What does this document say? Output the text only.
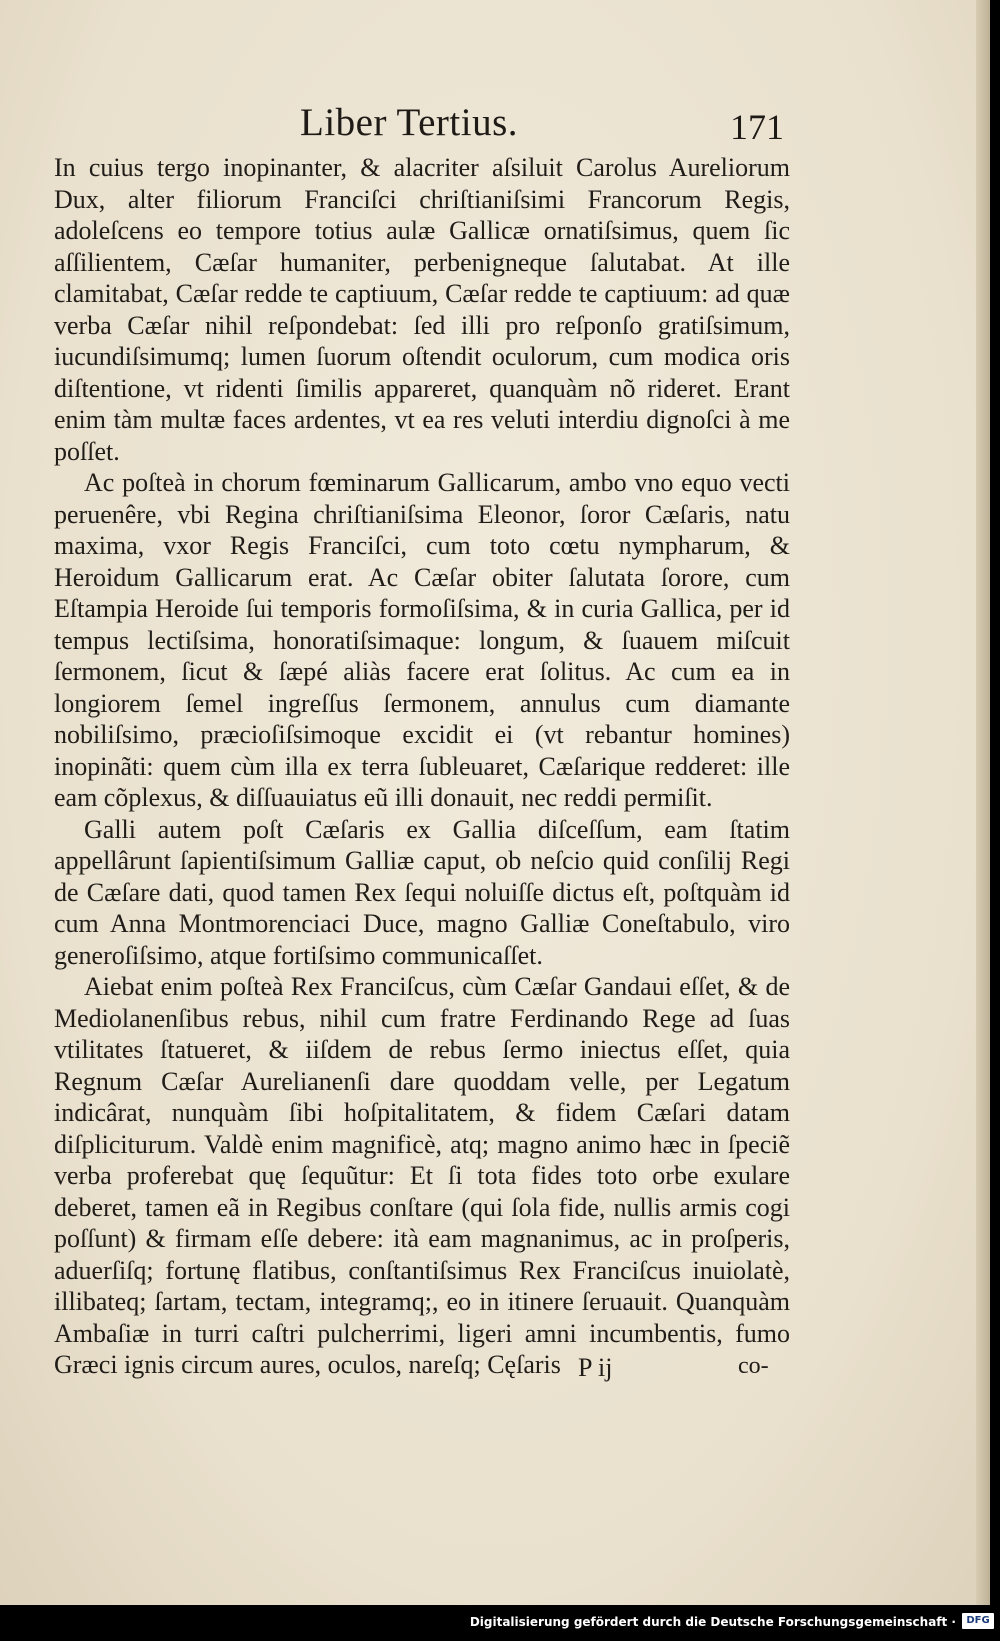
Liber Tertius.	171

In cuius tergo inopinanter, & alacriter aſsiluit Carolus Aureliorum Dux, alter filiorum Franciſci chriſtianiſsimi Francorum Regis, adoleſcens eo tempore totius aulæ Gallicæ ornatiſsimus, quem ſic aſſilientem, Cæſar humaniter, perbenigneque ſalutabat. At ille clamitabat, Cæſar redde te captiuum, Cæſar redde te captiuum: ad quæ verba Cæſar nihil reſpondebat: ſed illi pro reſponſo gratiſsimum, iucundiſsimumq; lumen ſuorum oſtendit oculorum, cum modica oris diſtentione, vt ridenti ſimilis appareret, quanquàm nõ rideret. Erant enim tàm multæ faces ardentes, vt ea res veluti interdiu dignoſci à me poſſet.

Ac poſteà in chorum fœminarum Gallicarum, ambo vno equo vecti peruenêre, vbi Regina chriſtianiſsima Eleonor, ſoror Cæſaris, natu maxima, vxor Regis Franciſci, cum toto cœtu nympharum, & Heroidum Gallicarum erat. Ac Cæſar obiter ſalutata ſorore, cum Eſtampia Heroide ſui temporis formoſiſsima, & in curia Gallica, per id tempus lectiſsima, honoratiſsimaque: longum, & ſuauem miſcuit ſermonem, ſicut & ſæpé aliàs facere erat ſolitus. Ac cum ea in longiorem ſemel ingreſſus ſermonem, annulus cum diamante nobiliſsimo, præcioſiſsimoque excidit ei (vt rebantur homines) inopinãti: quem cùm illa ex terra ſubleuaret, Cæſarique redderet: ille eam cõplexus, & diſſuauiatus eũ illi donauit, nec reddi permiſit.

Galli autem poſt Cæſaris ex Gallia diſceſſum, eam ſtatim appellârunt ſapientiſsimum Galliæ caput, ob neſcio quid conſilij Regi de Cæſare dati, quod tamen Rex ſequi noluiſſe dictus eſt, poſtquàm id cum Anna Montmorenciaci Duce, magno Galliæ Coneſtabulo, viro generoſiſsimo, atque fortiſsimo communicaſſet.

Aiebat enim poſteà Rex Franciſcus, cùm Cæſar Gandaui eſſet, & de Mediolanenſibus rebus, nihil cum fratre Ferdinando Rege ad ſuas vtilitates ſtatueret, & iiſdem de rebus ſermo iniectus eſſet, quia Regnum Cæſar Aurelianenſi dare quoddam velle, per Legatum indicârat, nunquàm ſibi hoſpitalitatem, & fidem Cæſari datam diſpliciturum. Valdè enim magnificè, atq; magno animo hæc in ſpeciẽ verba proferebat quę ſequũtur: Et ſi tota fides toto orbe exulare deberet, tamen eã in Regibus conſtare (qui ſola fide, nullis armis cogi poſſunt) & firmam eſſe debere: ità eam magnanimus, ac in proſperis, aduerſiſq; fortunę flatibus, conſtantiſsimus Rex Franciſcus inuiolatè, illibateq; ſartam, tectam, integramq;, eo in itinere ſeruauit. Quanquàm Ambaſiæ in turri caſtri pulcherrimi, ligeri amni incumbentis, fumo Græci ignis circum aures, oculos, nareſq; Cęſaris P ij	co-
Digitalisierung gefördert durch die Deutsche Forschungsgemeinschaft ·	DFG
